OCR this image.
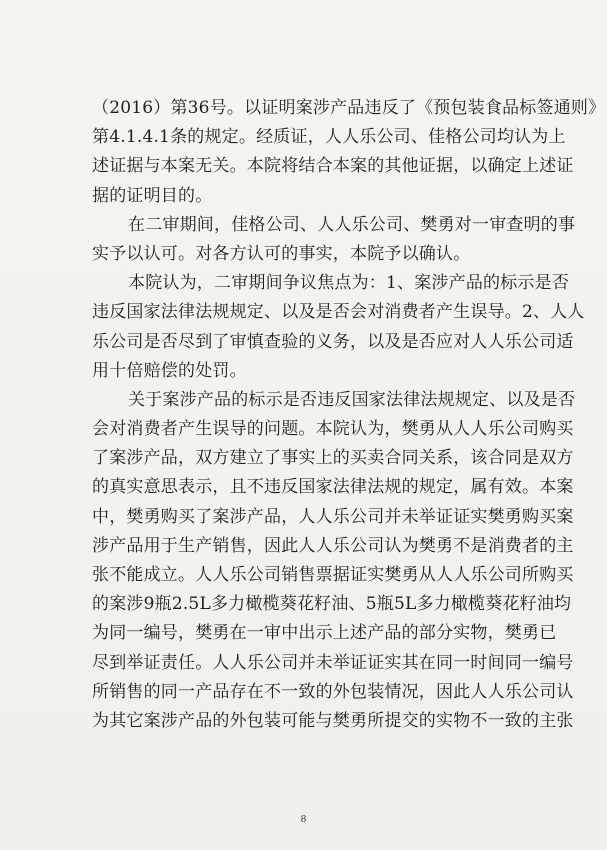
（2016）第36号。以证明案涉产品违反了《预包装食品标签通则》
第4.1.4.1条的规定。经质证，人人乐公司、佳格公司均认为上
述证据与本案无关。本院将结合本案的其他证据，以确定上述证
据的证明目的。
在二审期间，佳格公司、人人乐公司、樊勇对一审查明的事
实予以认可。对各方认可的事实，本院予以确认。
本院认为，二审期间争议焦点为：1、案涉产品的标示是否
违反国家法律法规规定、以及是否会对消费者产生误导。2、人人
乐公司是否尽到了审慎查验的义务，以及是否应对人人乐公司适
用十倍赔偿的处罚。
关于案涉产品的标示是否违反国家法律法规规定、以及是否
会对消费者产生误导的问题。本院认为，樊勇从人人乐公司购买
了案涉产品，双方建立了事实上的买卖合同关系，该合同是双方
的真实意思表示，且不违反国家法律法规的规定，属有效。本案
中，樊勇购买了案涉产品，人人乐公司并未举证证实樊勇购买案
涉产品用于生产销售，因此人人乐公司认为樊勇不是消费者的主
张不能成立。人人乐公司销售票据证实樊勇从人人乐公司所购买
的案涉9瓶2.5L多力橄榄葵花籽油、5瓶5L多力橄榄葵花籽油均
为同一编号，樊勇在一审中出示上述产品的部分实物，樊勇已
尽到举证责任。人人乐公司并未举证证实其在同一时间同一编号
所销售的同一产品存在不一致的外包装情况，因此人人乐公司认
为其它案涉产品的外包装可能与樊勇所提交的实物不一致的主张
8
